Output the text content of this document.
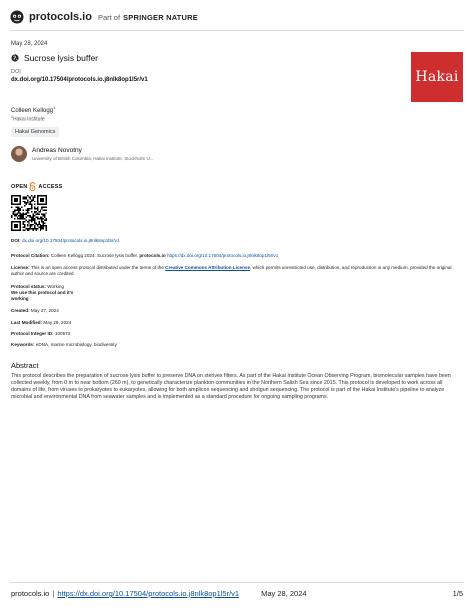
protocols.io Part of SPRINGER NATURE
May 28, 2024
Sucrose lysis buffer
DOI
dx.doi.org/10.17504/protocols.io.j8nlk8op1l5r/v1	Hakai
Colleen Kellogg$^1$
$^1$Hakai Institute
Hakai Genomics
Andreas Novotny
University of British Columbia, Hakai Institute, Stockholm U...
OPEN ACCESS
DOI: dx.doi.org/10.17504/protocols.io.j8nlk8op1l5r/v1
Protocol Citation: Colleen Kellogg 2024. Sucrose lysis buffer. protocols.io https://dx.doi.org/10.17504/protocols.io.j8nlk8op1l5r/v1
License: This is an open access protocol distributed under the terms of the Creative Commons Attribution License, which permits unrestricted use, distribution, and reproduction in any medium, provided the original author and source are credited
Protocol status: Working
We use this protocol and it's working
Created: May 27, 2024
Last Modified: May 28, 2024
Protocol Integer ID: 100673
Keywords: eDNA, marine microbiology, biodiversity
Abstract
This protocol describes the preparation of sucrose lysis buffer to preserve DNA on sterivex filters. As part of the Hakai Institute Ocean Observing Program, biomolecular samples have been collected weekly, from 0 m to near bottom (260 m), to genetically characterize plankton communities in the Northern Salish Sea since 2015. This protocol is developed to work across all domains of life, from viruses to prokaryotes to eukaryotes, allowing for both amplicon sequencing and shotgun sequencing. The protocol is part of the Hakai Institute's pipeline to analyze microbial and environmental DNA from seawater samples and is implemented as a standard procedure for ongoing sampling programs.
protocols.io | https://dx.doi.org/10.17504/protocols.io.j8nlk8op1l5r/v1	May 28, 2024	1/5
